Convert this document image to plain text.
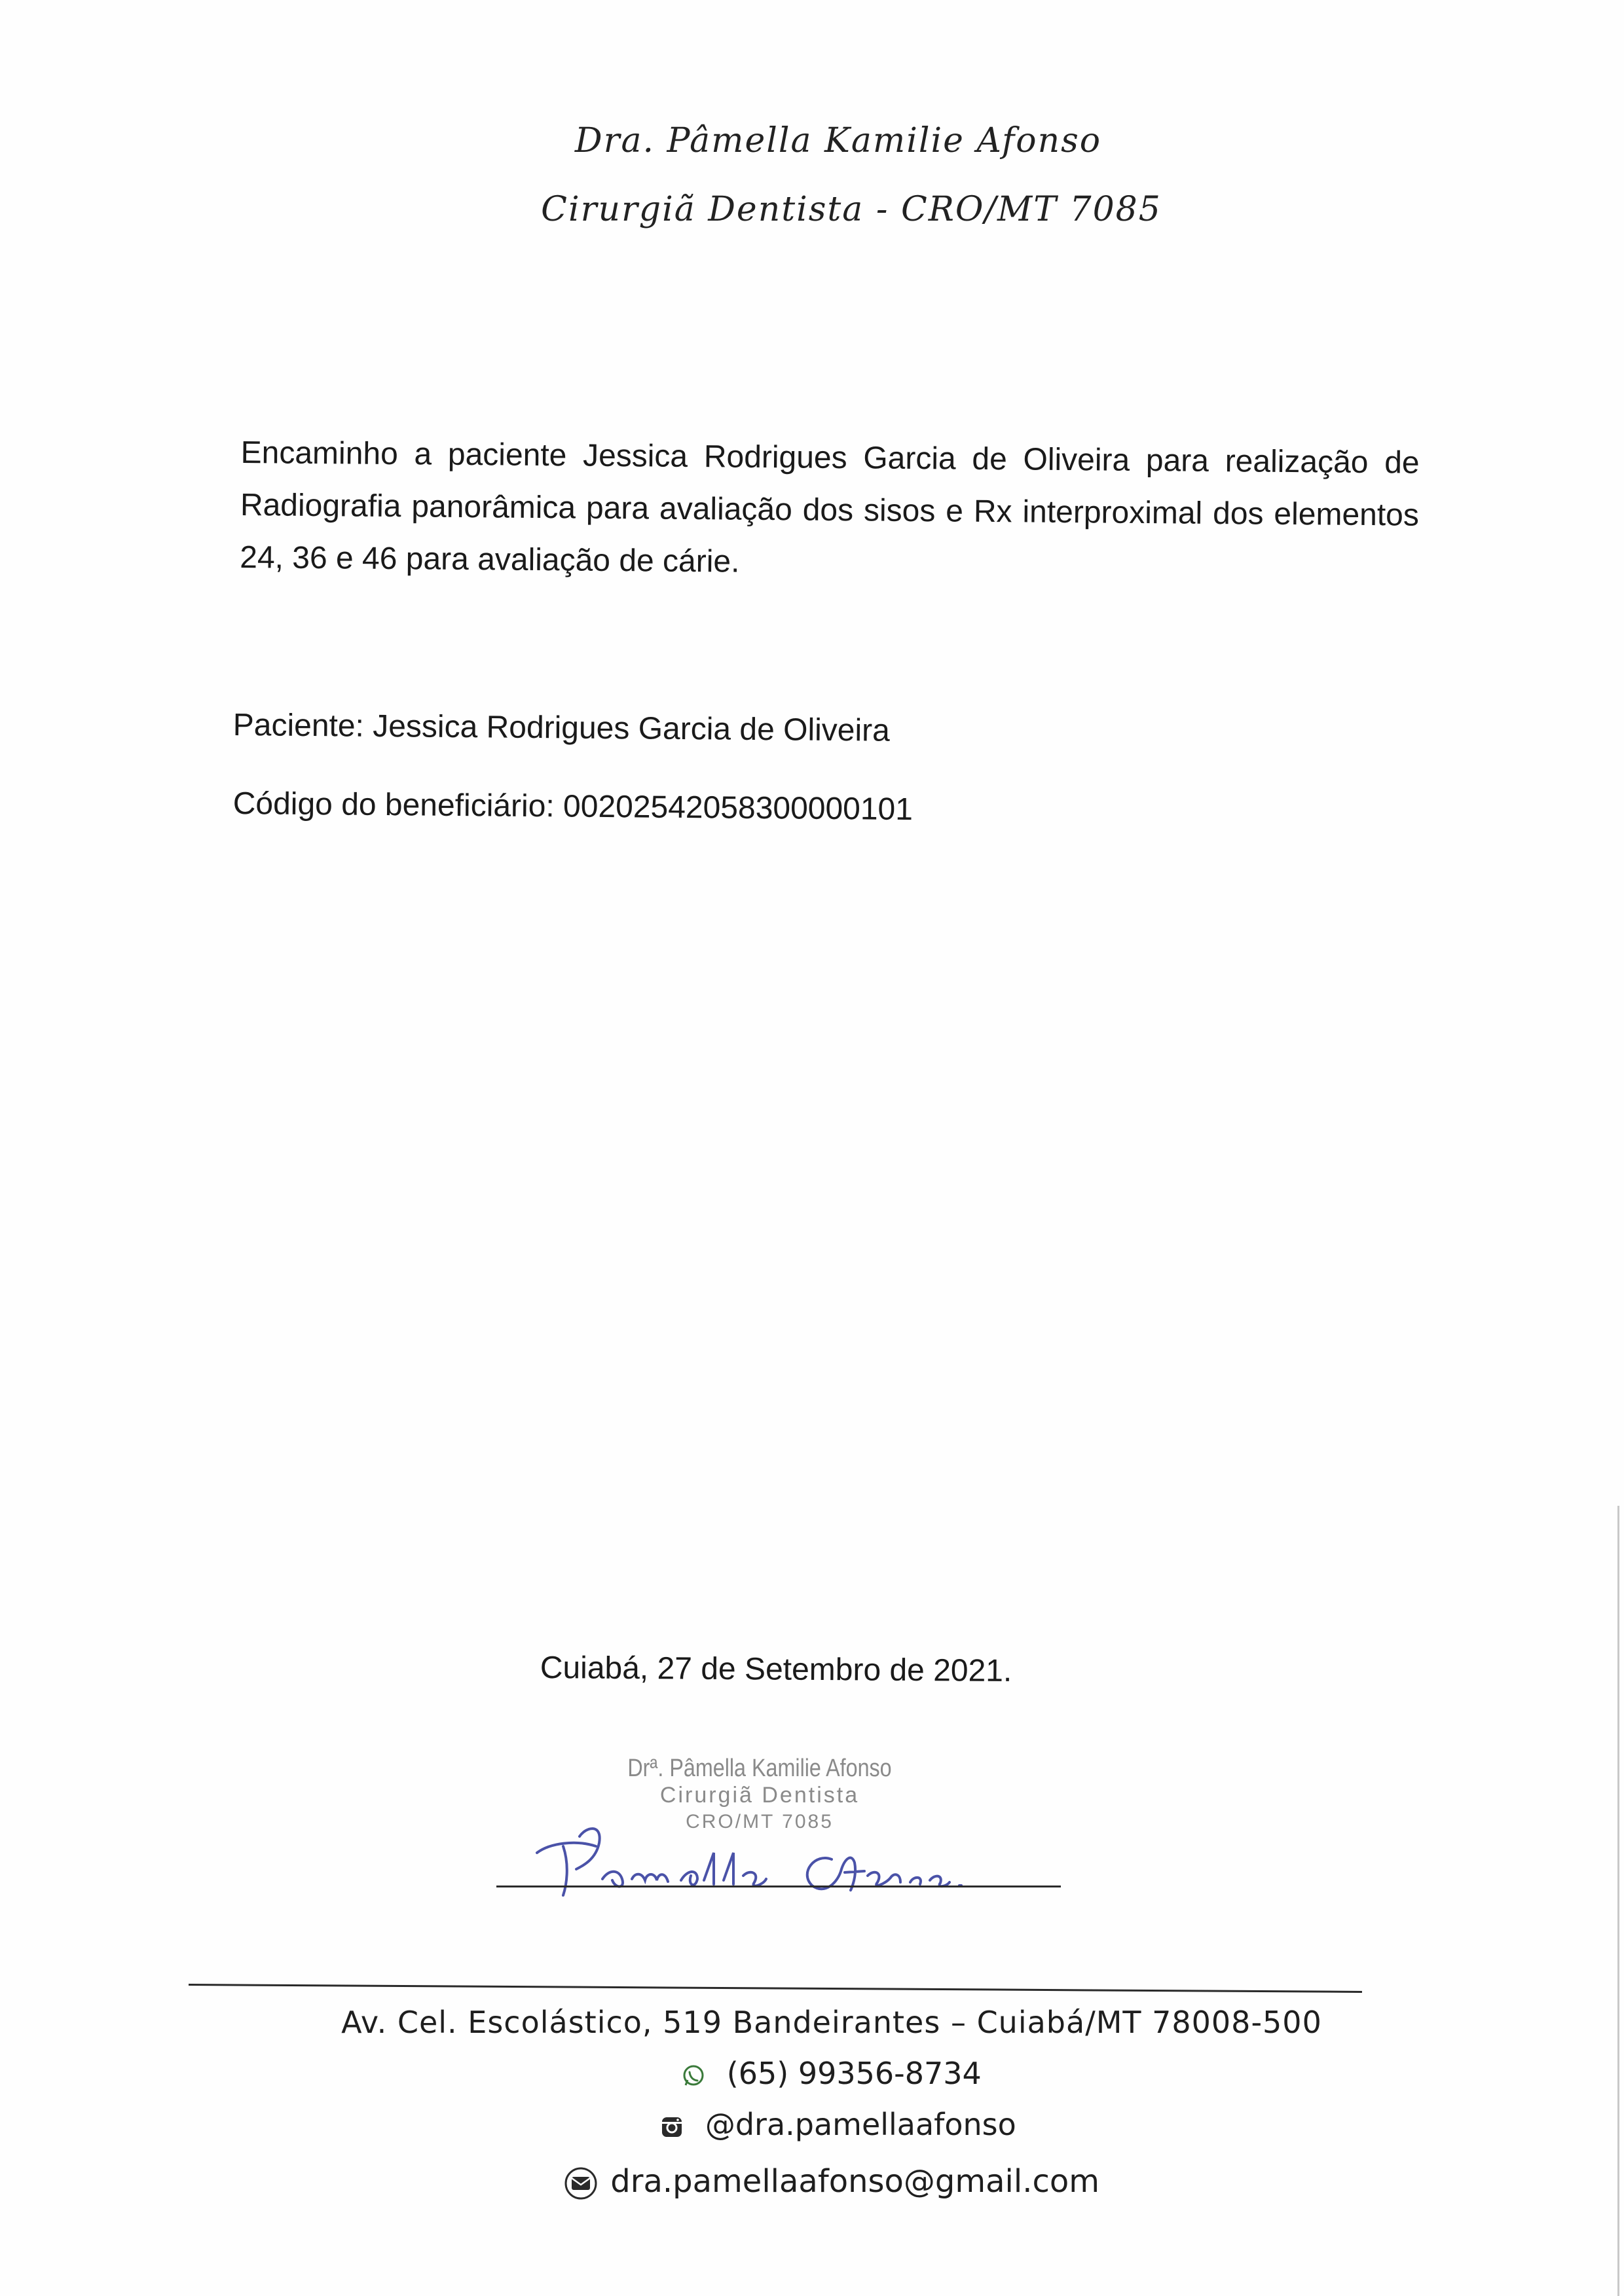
Dra. Pâmella Kamilie Afonso
Cirurgiã Dentista - CRO/MT 7085
Encaminho a paciente Jessica Rodrigues Garcia de Oliveira para realização de Radiografia panorâmica para avaliação dos sisos e Rx interproximal dos elementos 24, 36 e 46 para avaliação de cárie.
Paciente: Jessica Rodrigues Garcia de Oliveira
Código do beneficiário: 00202542058300000101
Cuiabá, 27 de Setembro de 2021.
Drª. Pâmella Kamilie Afonso
Cirurgiã Dentista
CRO/MT 7085
Av. Cel. Escolástico, 519 Bandeirantes – Cuiabá/MT 78008-500
(65) 99356-8734
@dra.pamellaafonso
dra.pamellaafonso@gmail.com
